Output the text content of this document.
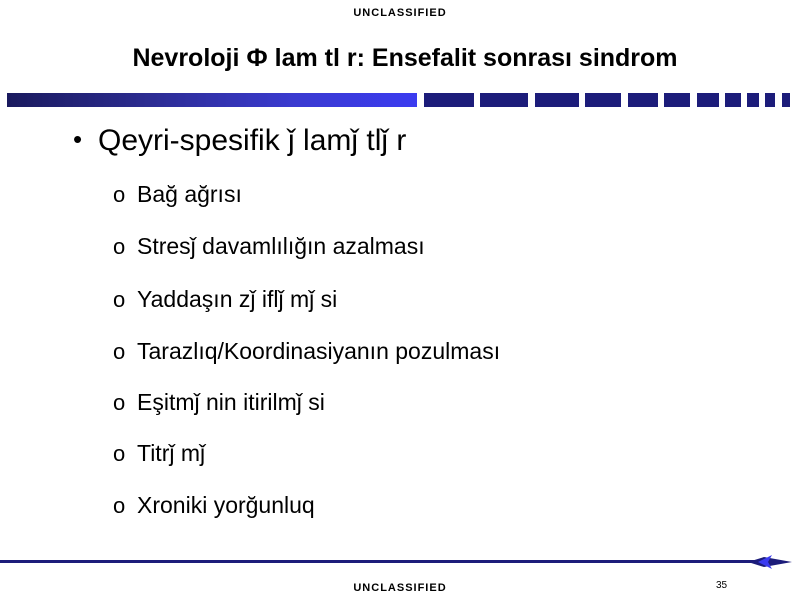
UNCLASSIFIED
Nevroloji Ф lam tl r: Ensefalit sonrası sindrom
• Qeyri-spesifik ǰ lamǰ tlǰ r
o Bağ ağrısı
o Stresǰ davamlılığın azalması
o Yaddaşın zǰ iflǰ mǰ si
o Tarazlıq/Koordinasiyanın pozulması
o Eşitmǰ nin itirilmǰ si
o Titrǰ mǰ
o Xroniki yorğunluq
35
UNCLASSIFIED
